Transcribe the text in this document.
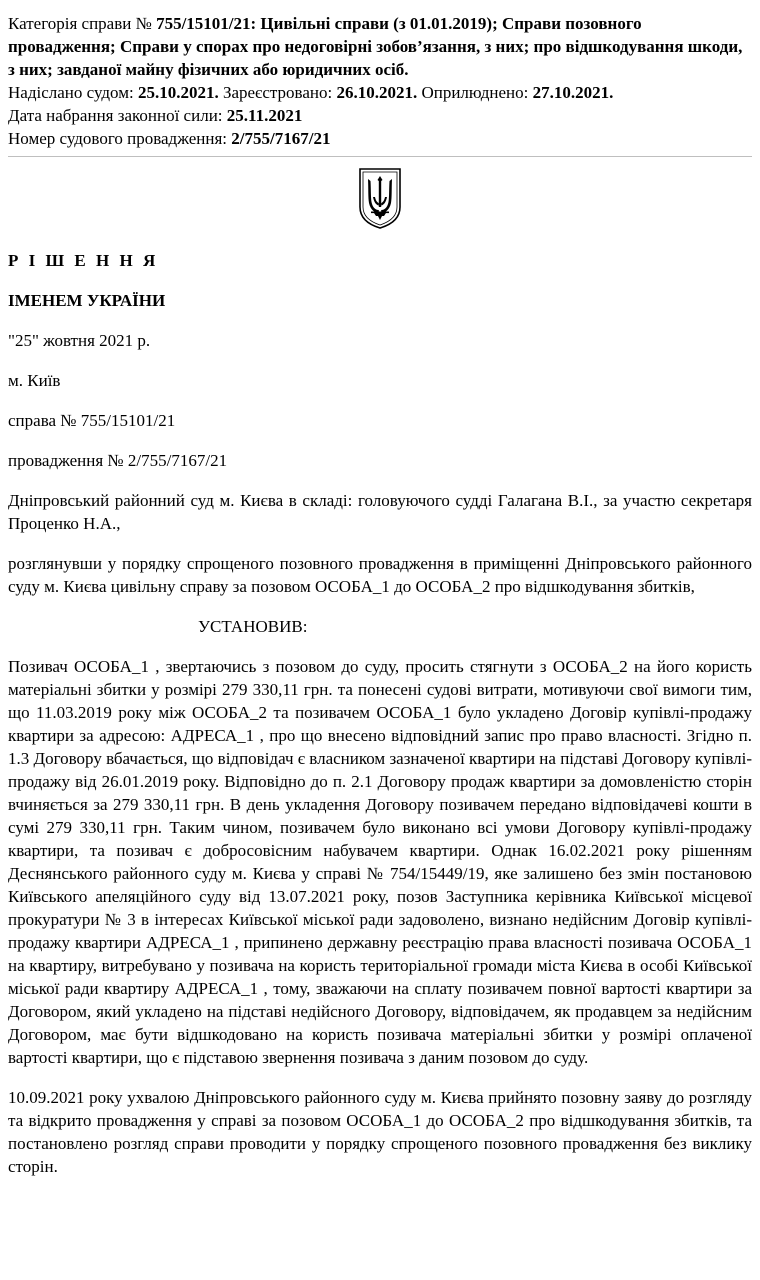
Категорія справи № 755/15101/21: Цивільні справи (з 01.01.2019); Справи позовного провадження; Справи у спорах про недоговірні зобов’язання, з них; про відшкодування шкоди, з них; завданої майну фізичних або юридичних осіб.

Надіслано судом: 25.10.2021. Зареєстровано: 26.10.2021. Оприлюднено: 27.10.2021.

Дата набрання законної сили: 25.11.2021

Номер судового провадження: 2/755/7167/21

Р І Ш Е Н Н Я

ІМЕНЕМ УКРАЇНИ

"25" жовтня 2021 р.

м. Київ

справа № 755/15101/21

провадження № 2/755/7167/21

Дніпровський районний суд м. Києва в складі: головуючого судді Галагана В.І., за участю секретаря Проценко Н.А.,

розглянувши у порядку спрощеного позовного провадження в приміщенні Дніпровського районного суду м. Києва цивільну справу за позовом ОСОБА_1 до ОСОБА_2 про відшкодування збитків,

УСТАНОВИВ:

Позивач ОСОБА_1 , звертаючись з позовом до суду, просить стягнути з ОСОБА_2 на його користь матеріальні збитки у розмірі 279 330,11 грн. та понесені судові витрати, мотивуючи свої вимоги тим, що 11.03.2019 року між ОСОБА_2 та позивачем ОСОБА_1 було укладено Договір купівлі-продажу квартири за адресою: АДРЕСА_1 , про що внесено відповідний запис про право власності. Згідно п. 1.3 Договору вбачається, що відповідач є власником зазначеної квартири на підставі Договору купівлі-продажу від 26.01.2019 року. Відповідно до п. 2.1 Договору продаж квартири за домовленістю сторін вчиняється за 279 330,11 грн. В день укладення Договору позивачем передано відповідачеві кошти в сумі 279 330,11 грн. Таким чином, позивачем було виконано всі умови Договору купівлі-продажу квартири, та позивач є добросовісним набувачем квартири. Однак 16.02.2021 року рішенням Деснянського районного суду м. Києва у справі № 754/15449/19, яке залишено без змін постановою Київського апеляційного суду від 13.07.2021 року, позов Заступника керівника Київської місцевої прокуратури № 3 в інтересах Київської міської ради задоволено, визнано недійсним Договір купівлі-продажу квартири АДРЕСА_1 , припинено державну реєстрацію права власності позивача ОСОБА_1 на квартиру, витребувано у позивача на користь територіальної громади міста Києва в особі Київської міської ради квартиру АДРЕСА_1 , тому, зважаючи на сплату позивачем повної вартості квартири за Договором, який укладено на підставі недійсного Договору, відповідачем, як продавцем за недійсним Договором, має бути відшкодовано на користь позивача матеріальні збитки у розмірі оплаченої вартості квартири, що є підставою звернення позивача з даним позовом до суду.

10.09.2021 року ухвалою Дніпровського районного суду м. Києва прийнято позовну заяву до розгляду та відкрито провадження у справі за позовом ОСОБА_1 до ОСОБА_2 про відшкодування збитків, та постановлено розгляд справи проводити у порядку спрощеного позовного провадження без виклику сторін.
